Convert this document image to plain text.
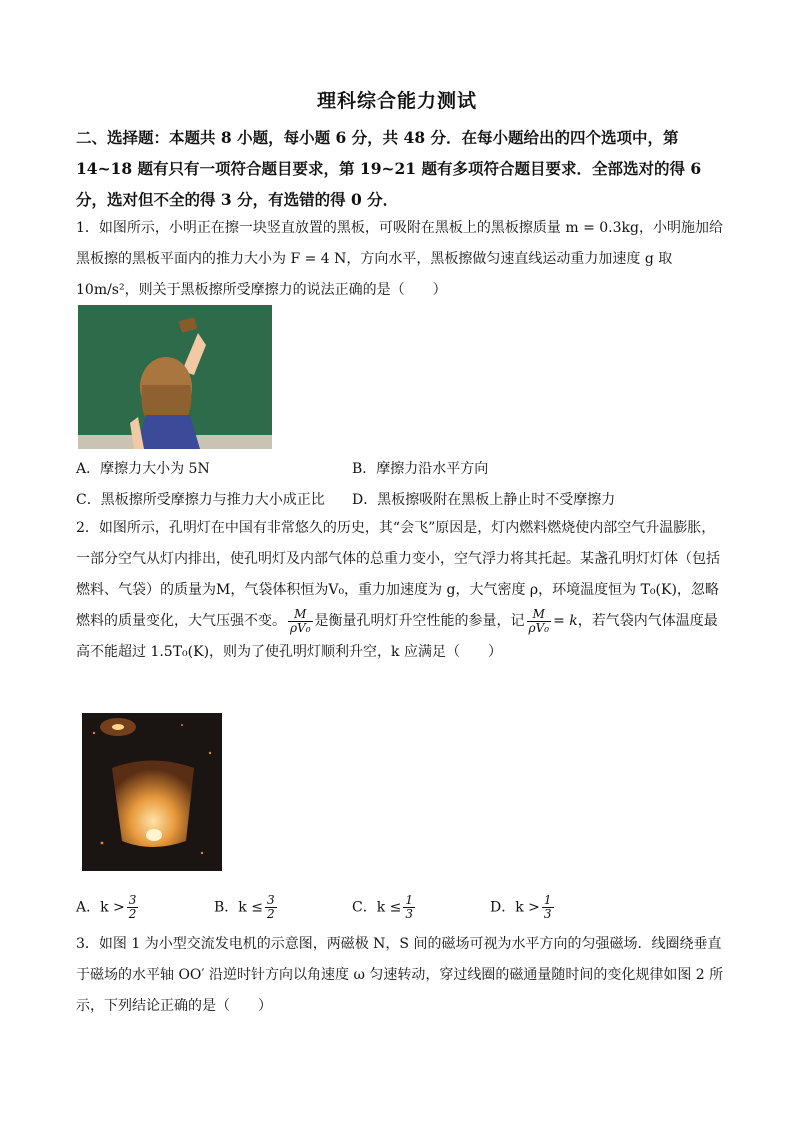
理科综合能力测试
二、选择题：本题共 8 小题，每小题 6 分，共 48 分．在每小题给出的四个选项中，第 14~18 题有只有一项符合题目要求，第 19~21 题有多项符合题目要求．全部选对的得 6 分，选对但不全的得 3 分，有选错的得 0 分．
1．如图所示，小明正在擦一块竖直放置的黑板，可吸附在黑板上的黑板擦质量 m = 0.3kg，小明施加给黑板擦的黑板平面内的推力大小为 F = 4 N，方向水平，黑板擦做匀速直线运动重力加速度 g 取 10m/s²，则关于黑板擦所受摩擦力的说法正确的是（　　）
A．摩擦力大小为 5N	B．摩擦力沿水平方向
C．黑板擦所受摩擦力与推力大小成正比 D．黑板擦吸附在黑板上静止时不受摩擦力
2．如图所示，孔明灯在中国有非常悠久的历史，其“会飞”原因是，灯内燃料燃烧使内部空气升温膨胀，一部分空气从灯内排出，使孔明灯及内部气体的总重力变小，空气浮力将其托起。某盏孔明灯灯体（包括燃料、气袋）的质量为M，气袋体积恒为V₀，重力加速度为 g，大气密度 ρ，环境温度恒为 T₀(K)，忽略燃料的质量变化，大气压强不变。 $\frac{M}{\text{ρV₀}}$ 是衡量孔明灯升空性能的参量，记 $\frac{M}{\text{ρV₀}} = k$，若气袋内气体温度最高不能超过 1.5T₀(K)，则为了使孔明灯顺利升空，k 应满足（　　）
A．$k > \frac{3}{2}$	B．$k \le \frac{3}{2}$	C．$k \le \frac{1}{3}$	D．$k > \frac{1}{3}$
3．如图 1 为小型交流发电机的示意图，两磁极 N，S 间的磁场可视为水平方向的匀强磁场．线圈绕垂直于磁场的水平轴 OO′ 沿逆时针方向以角速度 ω 匀速转动，穿过线圈的磁通量随时间的变化规律如图 2 所示，下列结论正确的是（　　）
